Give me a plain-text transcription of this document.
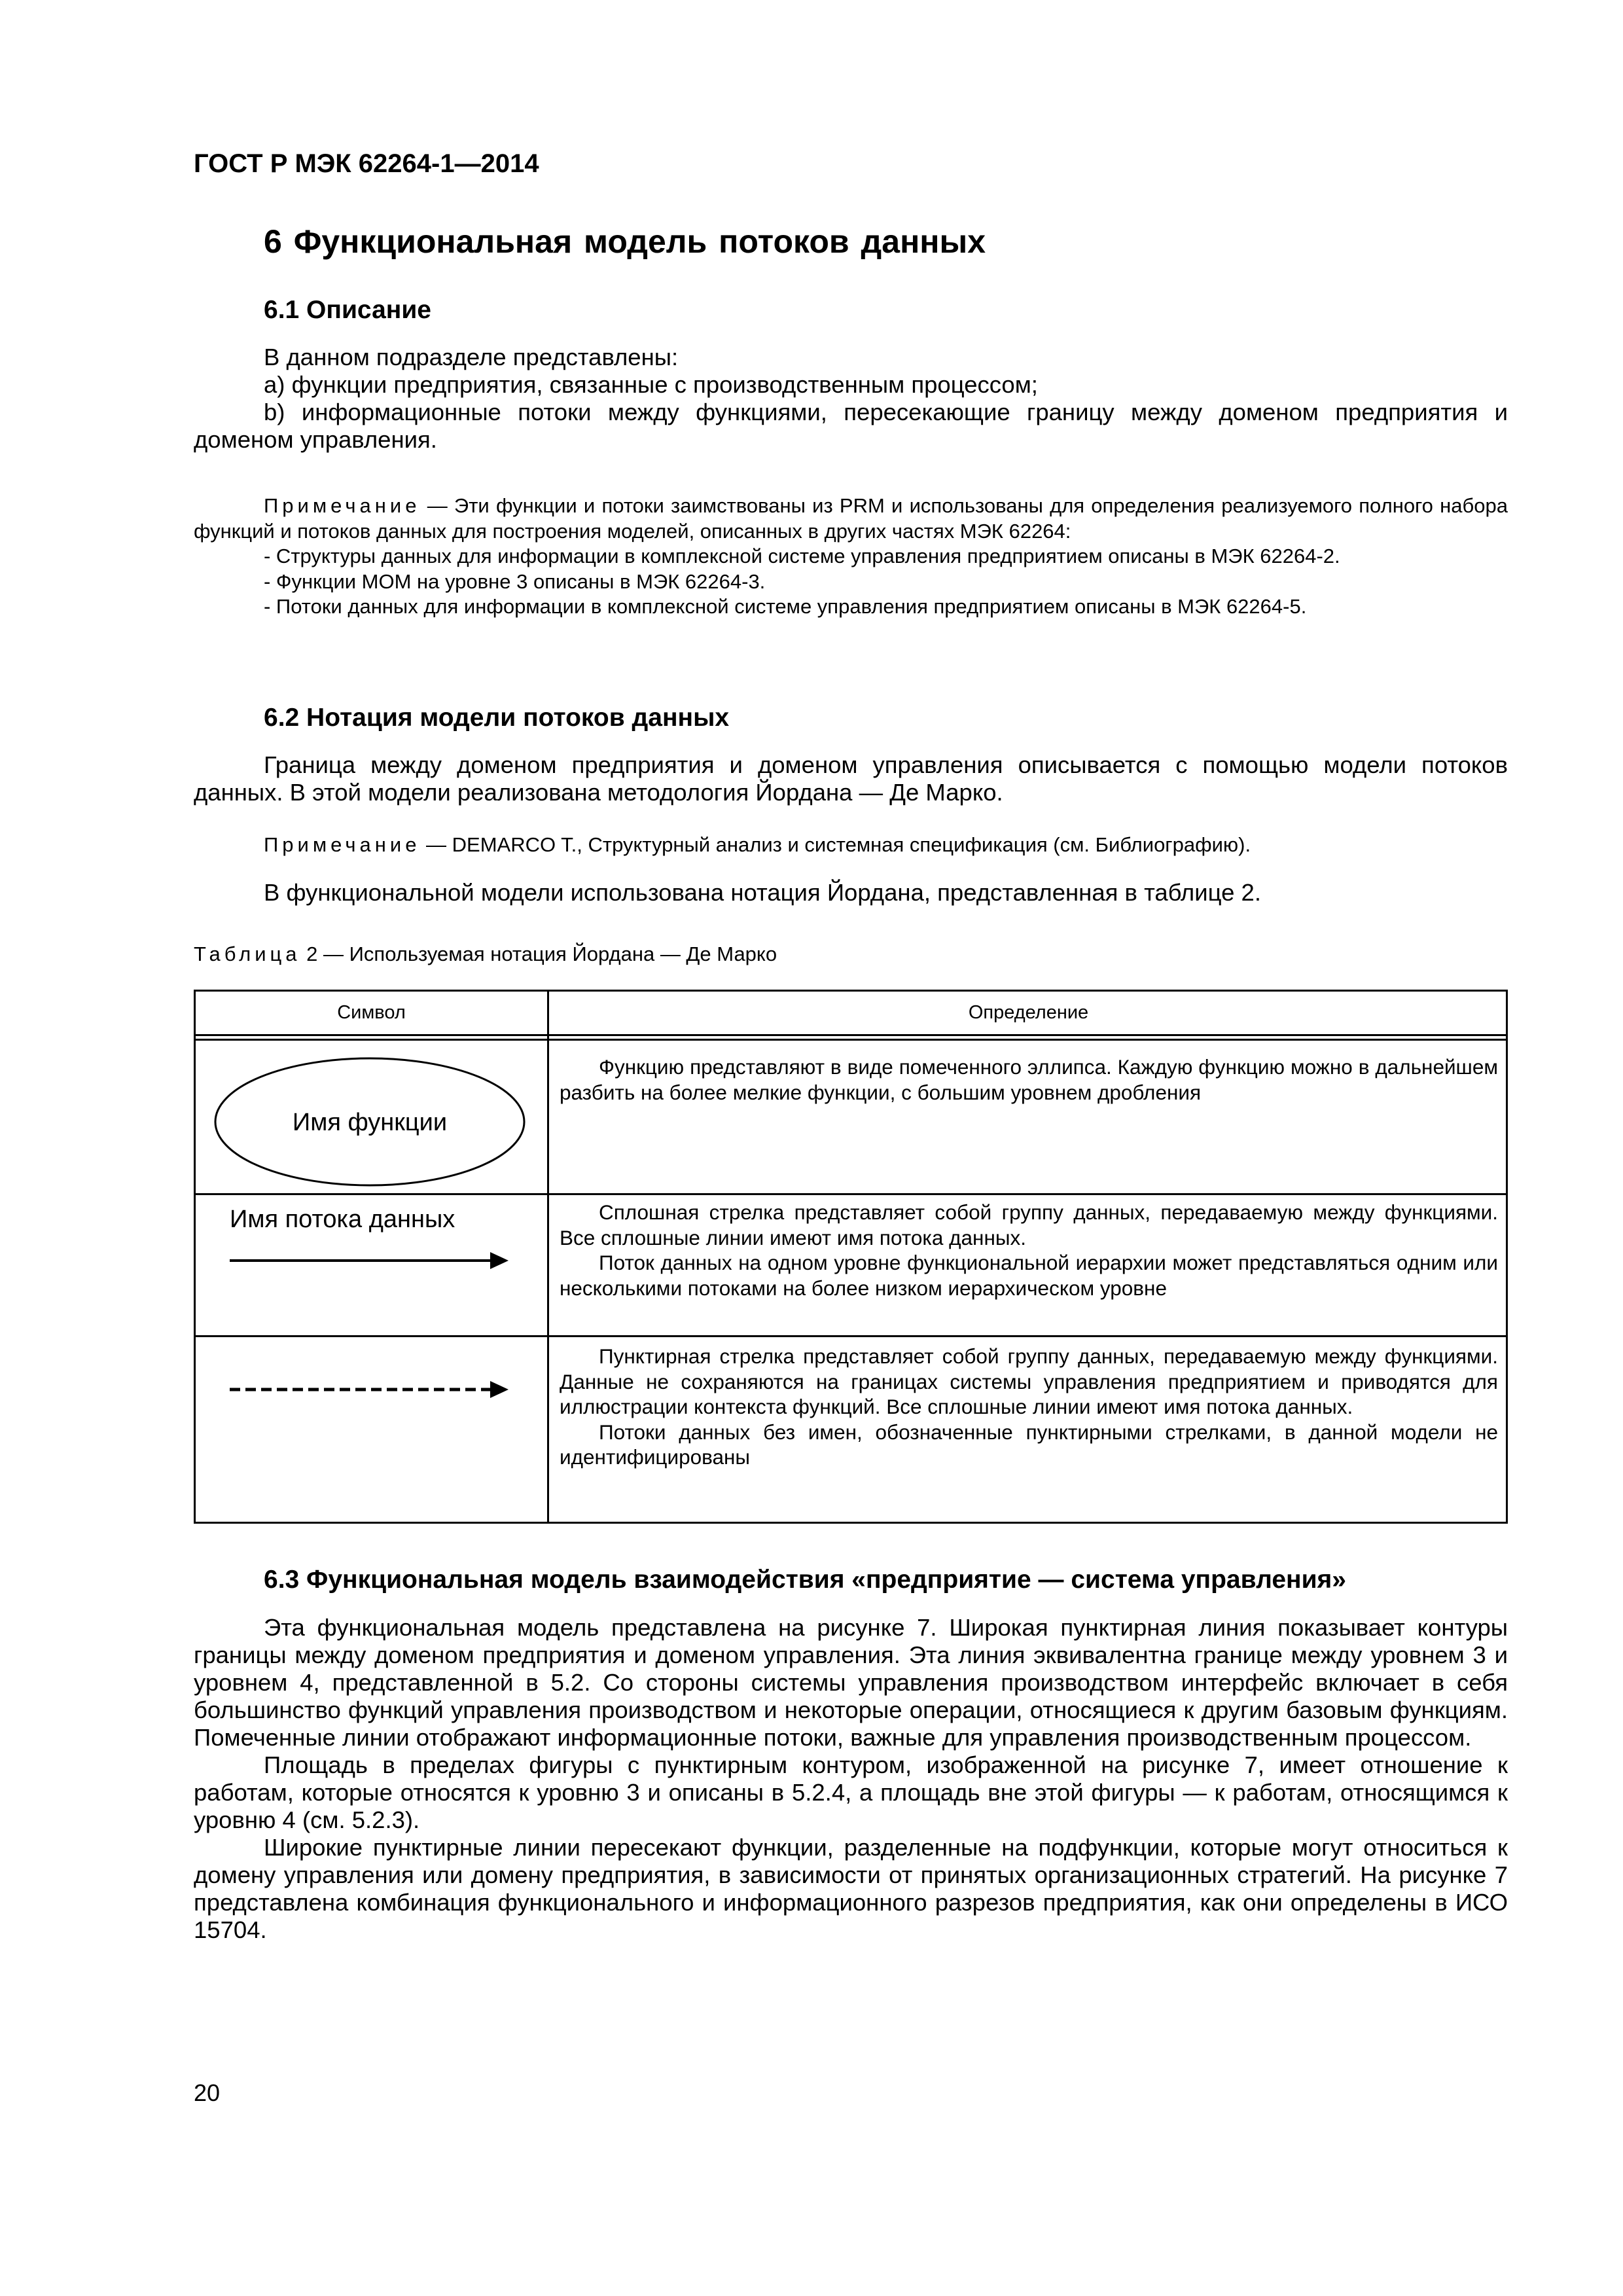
ГОСТ Р МЭК 62264-1—2014
6 Функциональная модель потоков данных
6.1 Описание

В данном подразделе представлены:

a) функции предприятия, связанные с производственным процессом;

b) информационные потоки между функциями, пересекающие границу между доменом предприятия и доменом управления.

Примечание — Эти функции и потоки заимствованы из PRM и использованы для определения реализуемого полного набора функций и потоков данных для построения моделей, описанных в других частях МЭК 62264:

- Структуры данных для информации в комплексной системе управления предприятием описаны в МЭК 62264-2.

- Функции MOM на уровне 3 описаны в МЭК 62264-3.

- Потоки данных для информации в комплексной системе управления предприятием описаны в МЭК 62264-5.

6.2 Нотация модели потоков данных

Граница между доменом предприятия и доменом управления описывается с помощью модели потоков данных. В этой модели реализована методология Йордана — Де Марко.

Примечание — DEMARCO T., Структурный анализ и системная спецификация (см. Библиографию).

В функциональной модели использована нотация Йордана, представленная в таблице 2.

Таблица 2 — Используемая нотация Йордана — Де Марко
Символ	Определение
Имя функции

Функцию представляют в виде помеченного эллипса. Каждую функцию можно в дальнейшем разбить на более мелкие функции, с большим уровнем дробления

Имя потока данных	Сплошная стрелка представляет собой группу данных, передаваемую между функциями. Все сплошные линии имеют имя потока данных.

Поток данных на одном уровне функциональной иерархии может представляться одним или несколькими потоками на более низком иерархическом уровне

Пунктирная стрелка представляет собой группу данных, передаваемую между функциями. Данные не сохраняются на границах системы управления предприятием и приводятся для иллюстрации контекста функций. Все сплошные линии имеют имя потока данных.

Потоки данных без имен, обозначенные пунктирными стрелками, в данной модели не идентифицированы

6.3 Функциональная модель взаимодействия «предприятие — система управления»

Эта функциональная модель представлена на рисунке 7. Широкая пунктирная линия показывает контуры границы между доменом предприятия и доменом управления. Эта линия эквивалентна границе между уровнем 3 и уровнем 4, представленной в 5.2. Со стороны системы управления производством интерфейс включает в себя большинство функций управления производством и некоторые операции, относящиеся к другим базовым функциям. Помеченные линии отображают информационные потоки, важные для управления производственным процессом.

Площадь в пределах фигуры с пунктирным контуром, изображенной на рисунке 7, имеет отношение к работам, которые относятся к уровню 3 и описаны в 5.2.4, а площадь вне этой фигуры — к работам, относящимся к уровню 4 (см. 5.2.3).

Широкие пунктирные линии пересекают функции, разделенные на подфункции, которые могут относиться к домену управления или домену предприятия, в зависимости от принятых организационных стратегий. На рисунке 7 представлена комбинация функционального и информационного разрезов предприятия, как они определены в ИСО 15704.

20
